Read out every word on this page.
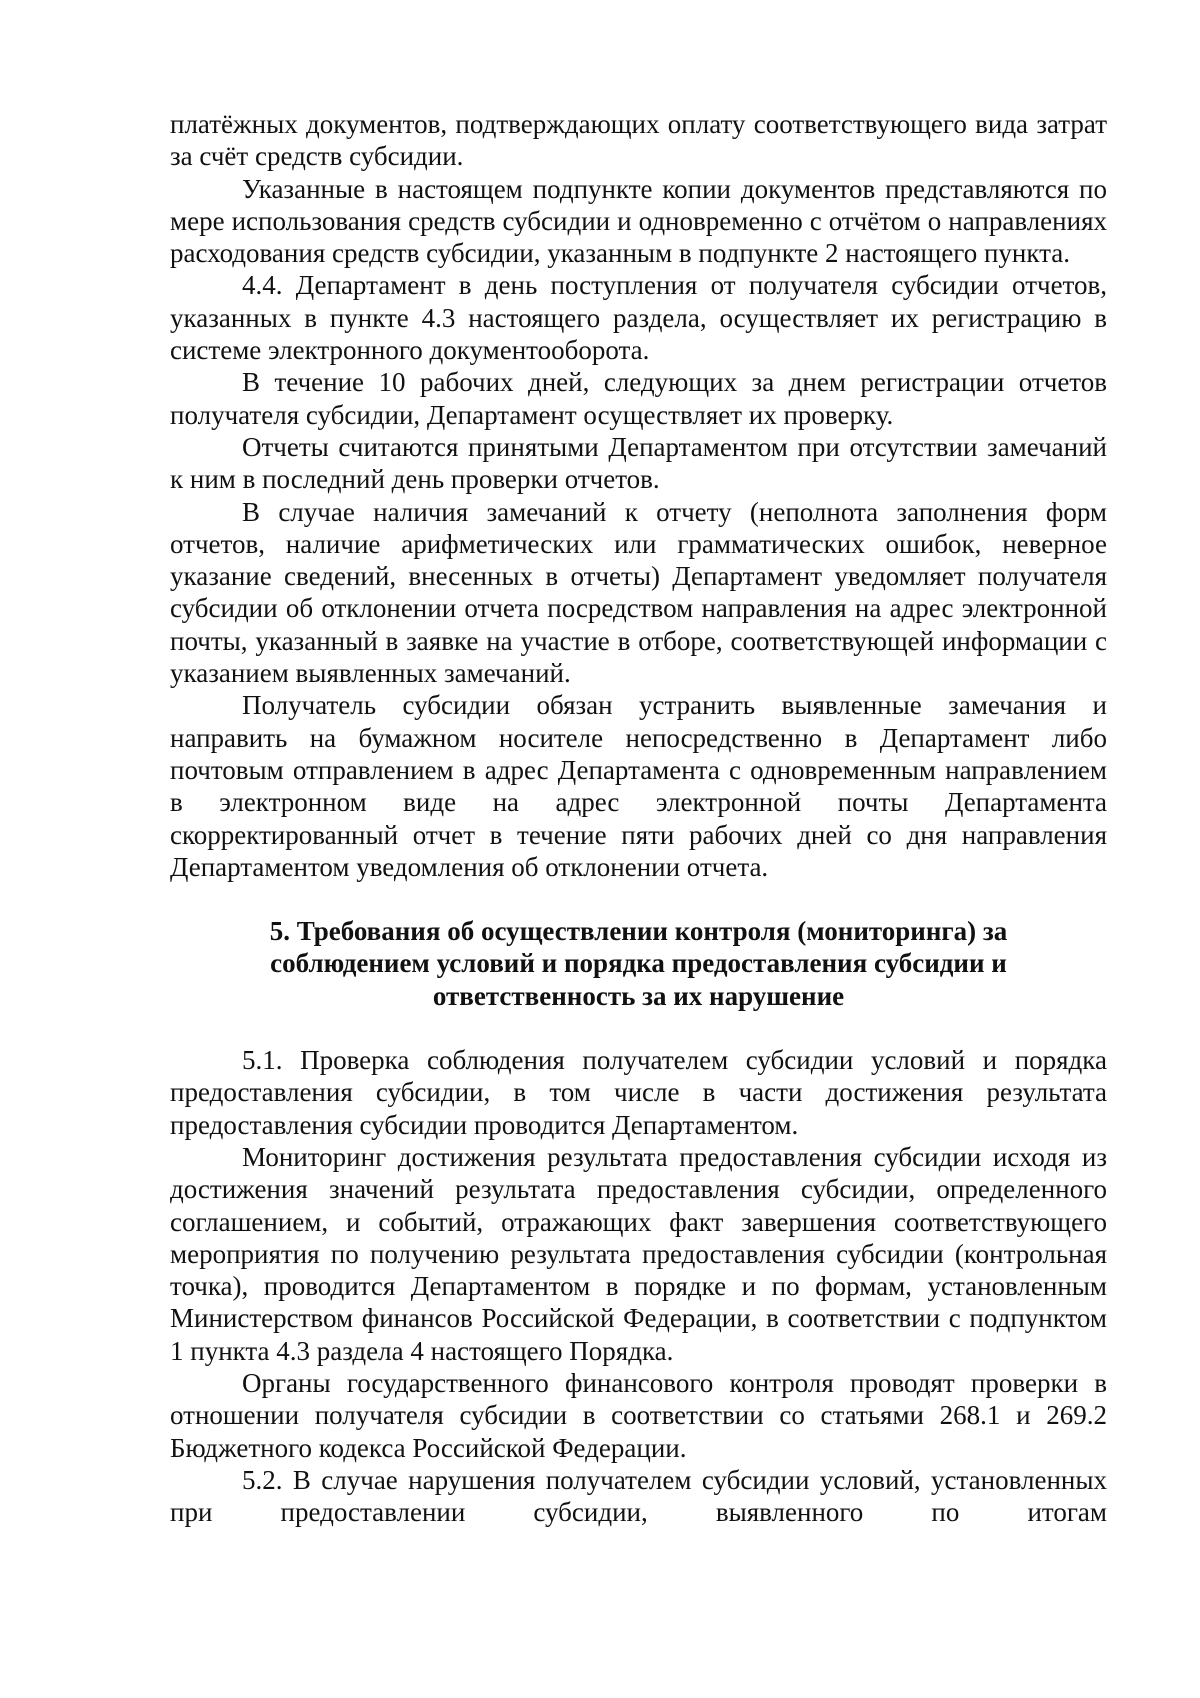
платёжных документов, подтверждающих оплату соответствующего вида затрат за счёт средств субсидии.

Указанные в настоящем подпункте копии документов представляются по мере использования средств субсидии и одновременно с отчётом о направлениях расходования средств субсидии, указанным в подпункте 2 настоящего пункта.

4.4. Департамент в день поступления от получателя субсидии отчетов, указанных в пункте 4.3 настоящего раздела, осуществляет их регистрацию в системе электронного документооборота.

В течение 10 рабочих дней, следующих за днем регистрации отчетов получателя субсидии, Департамент осуществляет их проверку.

Отчеты считаются принятыми Департаментом при отсутствии замечаний к ним в последний день проверки отчетов.

В случае наличия замечаний к отчету (неполнота заполнения форм отчетов, наличие арифметических или грамматических ошибок, неверное указание сведений, внесенных в отчеты) Департамент уведомляет получателя субсидии об отклонении отчета посредством направления на адрес электронной почты, указанный в заявке на участие в отборе, соответствующей информации с указанием выявленных замечаний.

Получатель субсидии обязан устранить выявленные замечания и направить на бумажном носителе непосредственно в Департамент либо почтовым отправлением в адрес Департамента с одновременным направлением в электронном виде на адрес электронной почты Департамента скорректированный отчет в течение пяти рабочих дней со дня направления Департаментом уведомления об отклонении отчета.

5. Требования об осуществлении контроля (мониторинга) за
соблюдением условий и порядка предоставления субсидии и
ответственность за их нарушение

5.1. Проверка соблюдения получателем субсидии условий и порядка предоставления субсидии, в том числе в части достижения результата предоставления субсидии проводится Департаментом.

Мониторинг достижения результата предоставления субсидии исходя из достижения значений результата предоставления субсидии, определенного соглашением, и событий, отражающих факт завершения соответствующего мероприятия по получению результата предоставления субсидии (контрольная точка), проводится Департаментом в порядке и по формам, установленным Министерством финансов Российской Федерации, в соответствии с подпунктом 1 пункта 4.3 раздела 4 настоящего Порядка.

Органы государственного финансового контроля проводят проверки в отношении получателя субсидии в соответствии со статьями 268.1 и 269.2 Бюджетного кодекса Российской Федерации.

5.2. В случае нарушения получателем субсидии условий, установленных при предоставлении субсидии, выявленного по итогам
